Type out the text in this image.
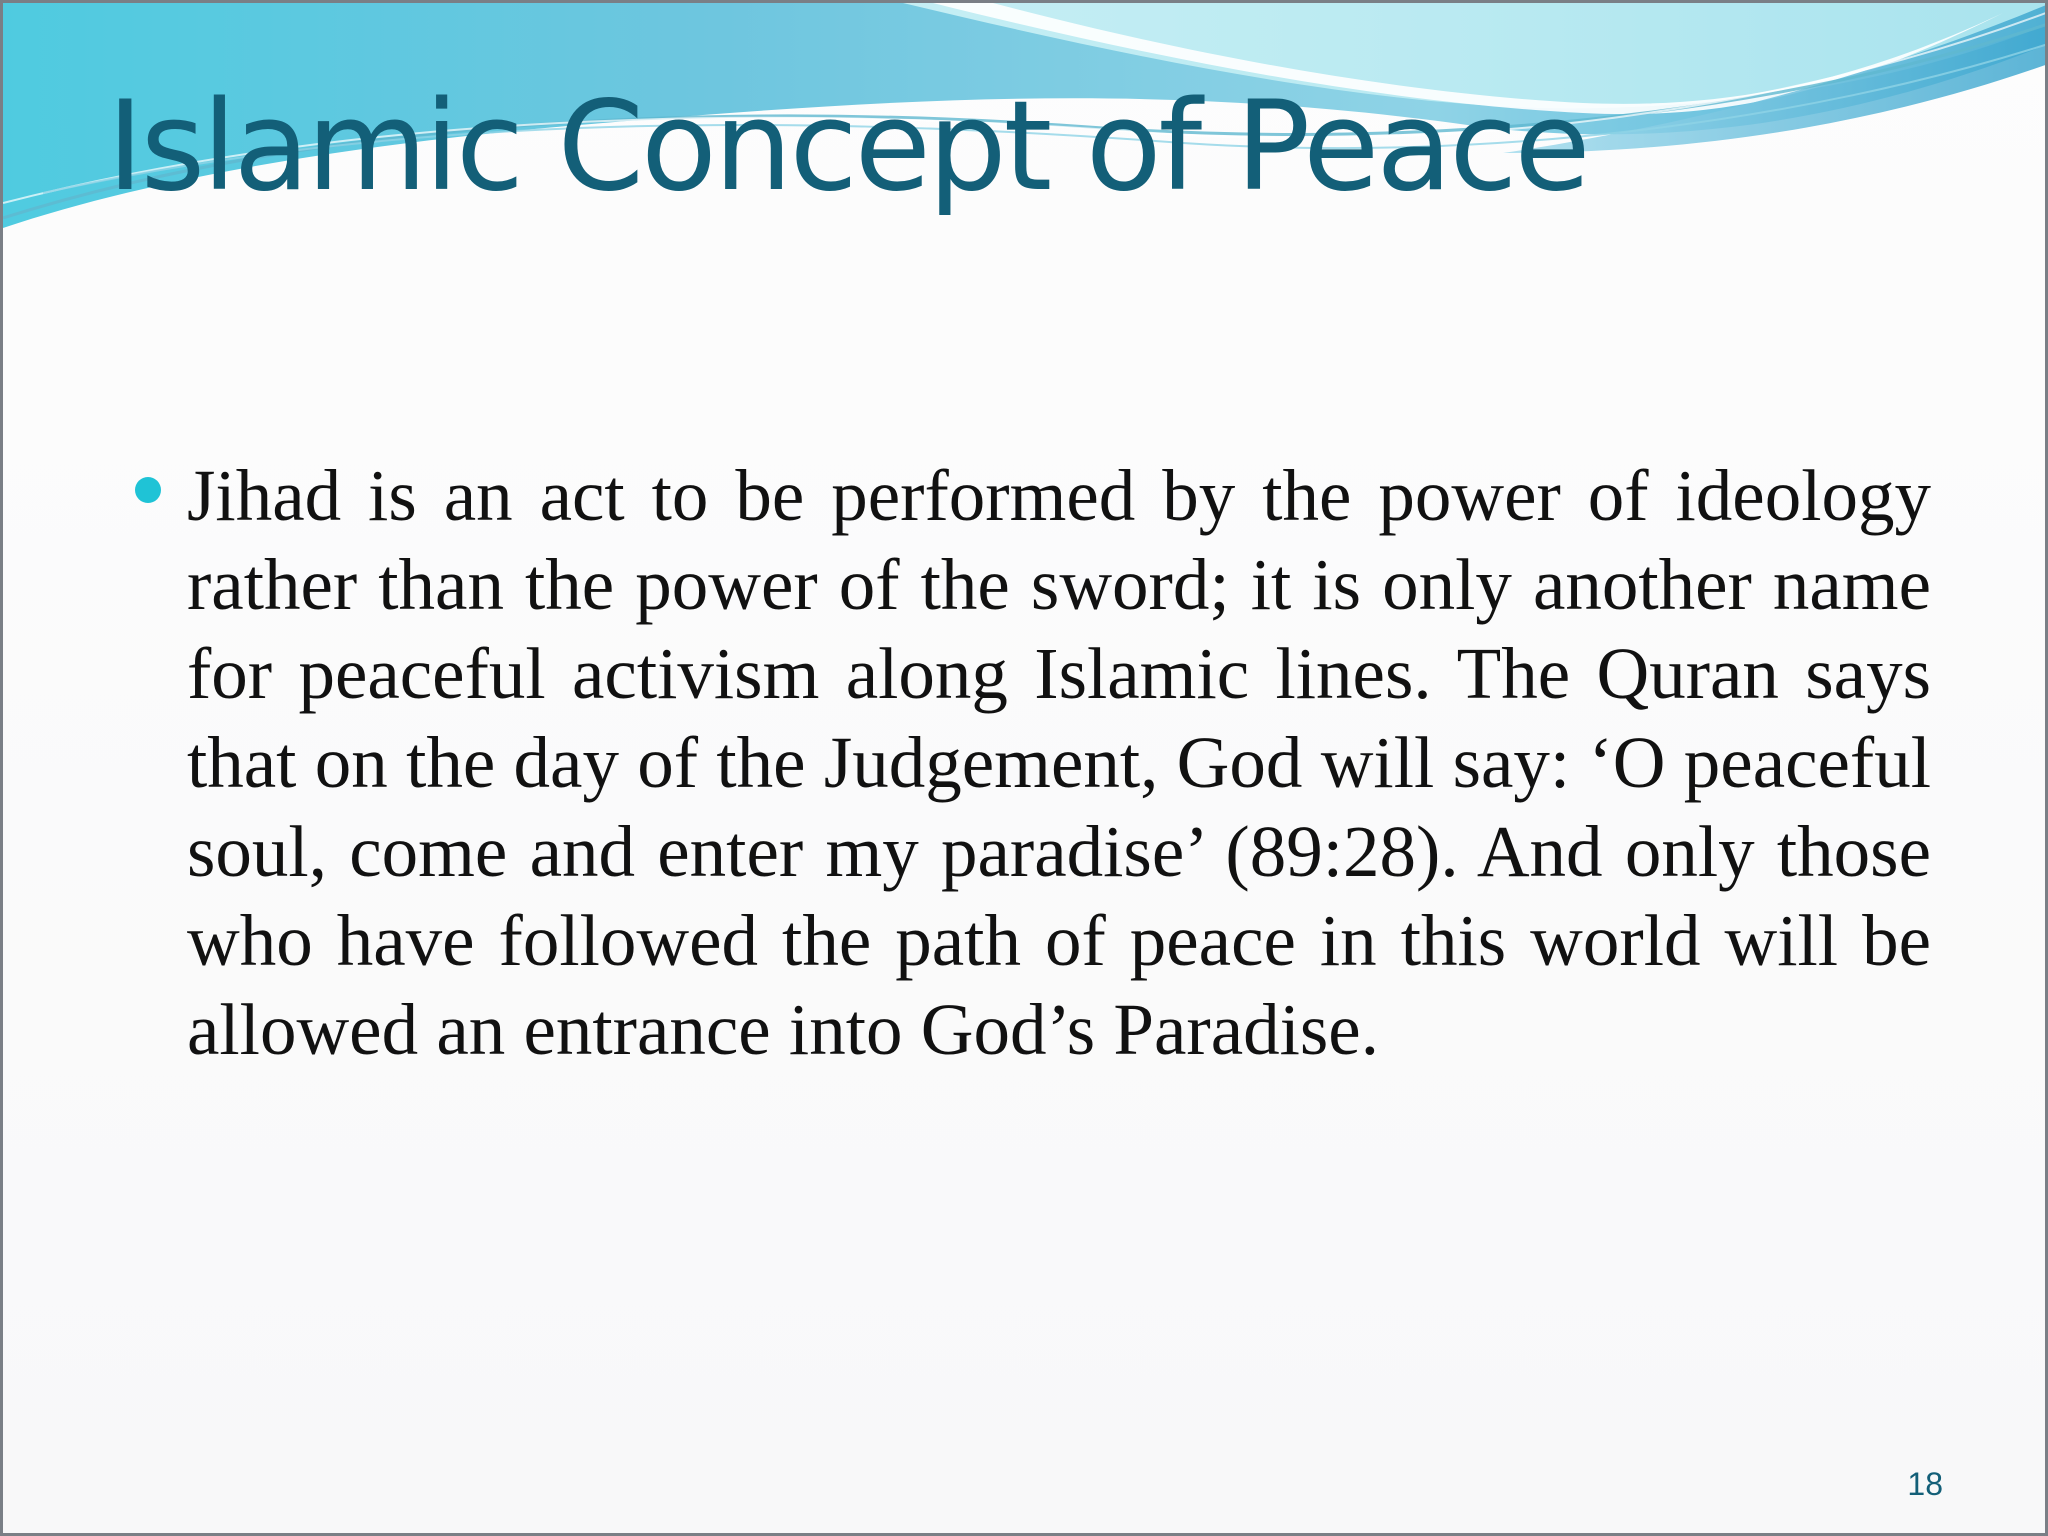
Islamic Concept of Peace

Jihad is an act to be performed by the power of ideology rather than the power of the sword; it is only another name for peaceful activism along Islamic lines. The Quran says that on the day of the Judgement, God will say: ‘O peaceful soul, come and enter my paradise’ (89:28). And only those who have followed the path of peace in this world will be allowed an entrance into God’s Paradise.

18
